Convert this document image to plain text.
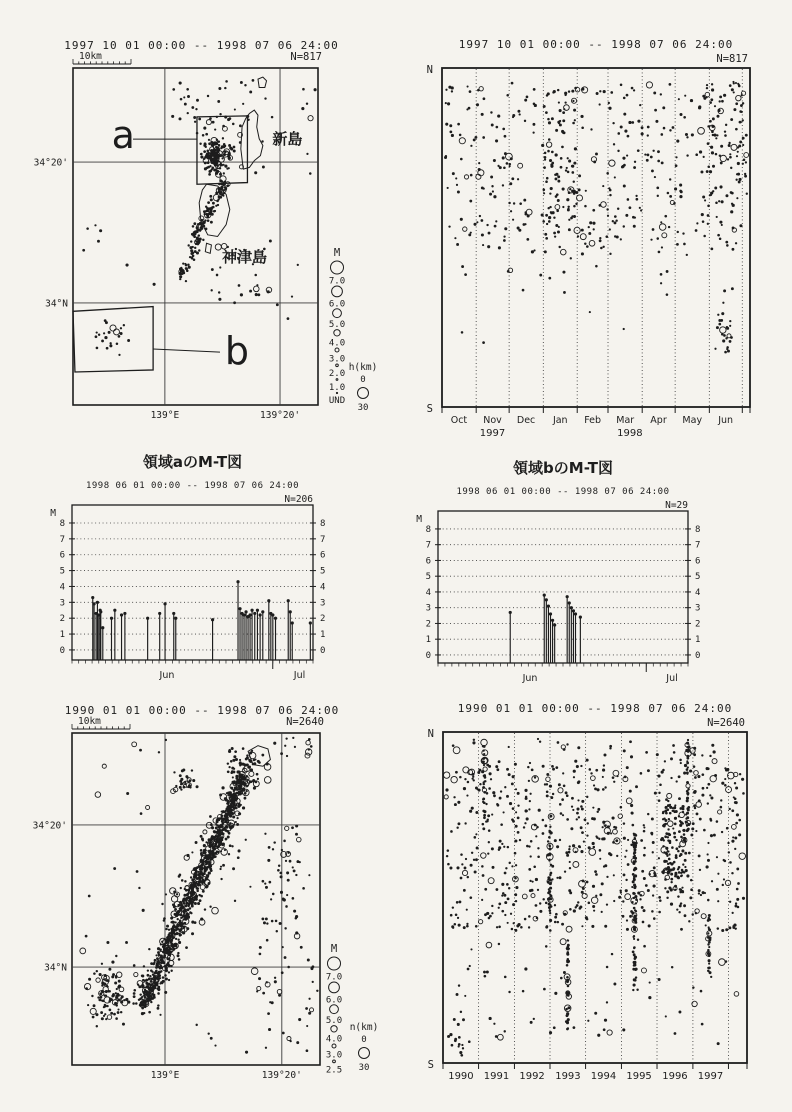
1997 10 01 00:00 -- 1998 07 06 24:00
10km	N=817
34°20'
34°N
139°E	139°20'
a
b
新島
神津島	M
7.0
6.0
5.0
4.0
3.0
2.0
1.0
UND
h(km)
0
30
1997 10 01 00:00 -- 1998 07 06 24:00
N=817
N
S
Oct Nov Dec Jan Feb Mar Apr May Jun
1997	1998
領域aのM-T図
1998 06 01 00:00 -- 1998 07 06 24:00
N=206
M
8	8
7	7
6	6
5	5
4	4
3	3
2	2
1	1
0	0
Jun	Jul
領域bのM-T図
1998 06 01 00:00 -- 1998 07 06 24:00
N=29
M
8	8
7	7
6	6
5	5
4	4
3	3
2	2
1	1
0	0
Jun	Jul
1990 01 01 00:00 -- 1998 07 06 24:00
10km	N=2640
34°20'
34°N
139°E	139°20'
M
7.0
6.0
5.0
4.0
3.0
2.5
n(km)
0
30
1990 01 01 00:00 -- 1998 07 06 24:00
N=2640
N
S
1990 1991 1992 1993 1994 1995 1996 1997
